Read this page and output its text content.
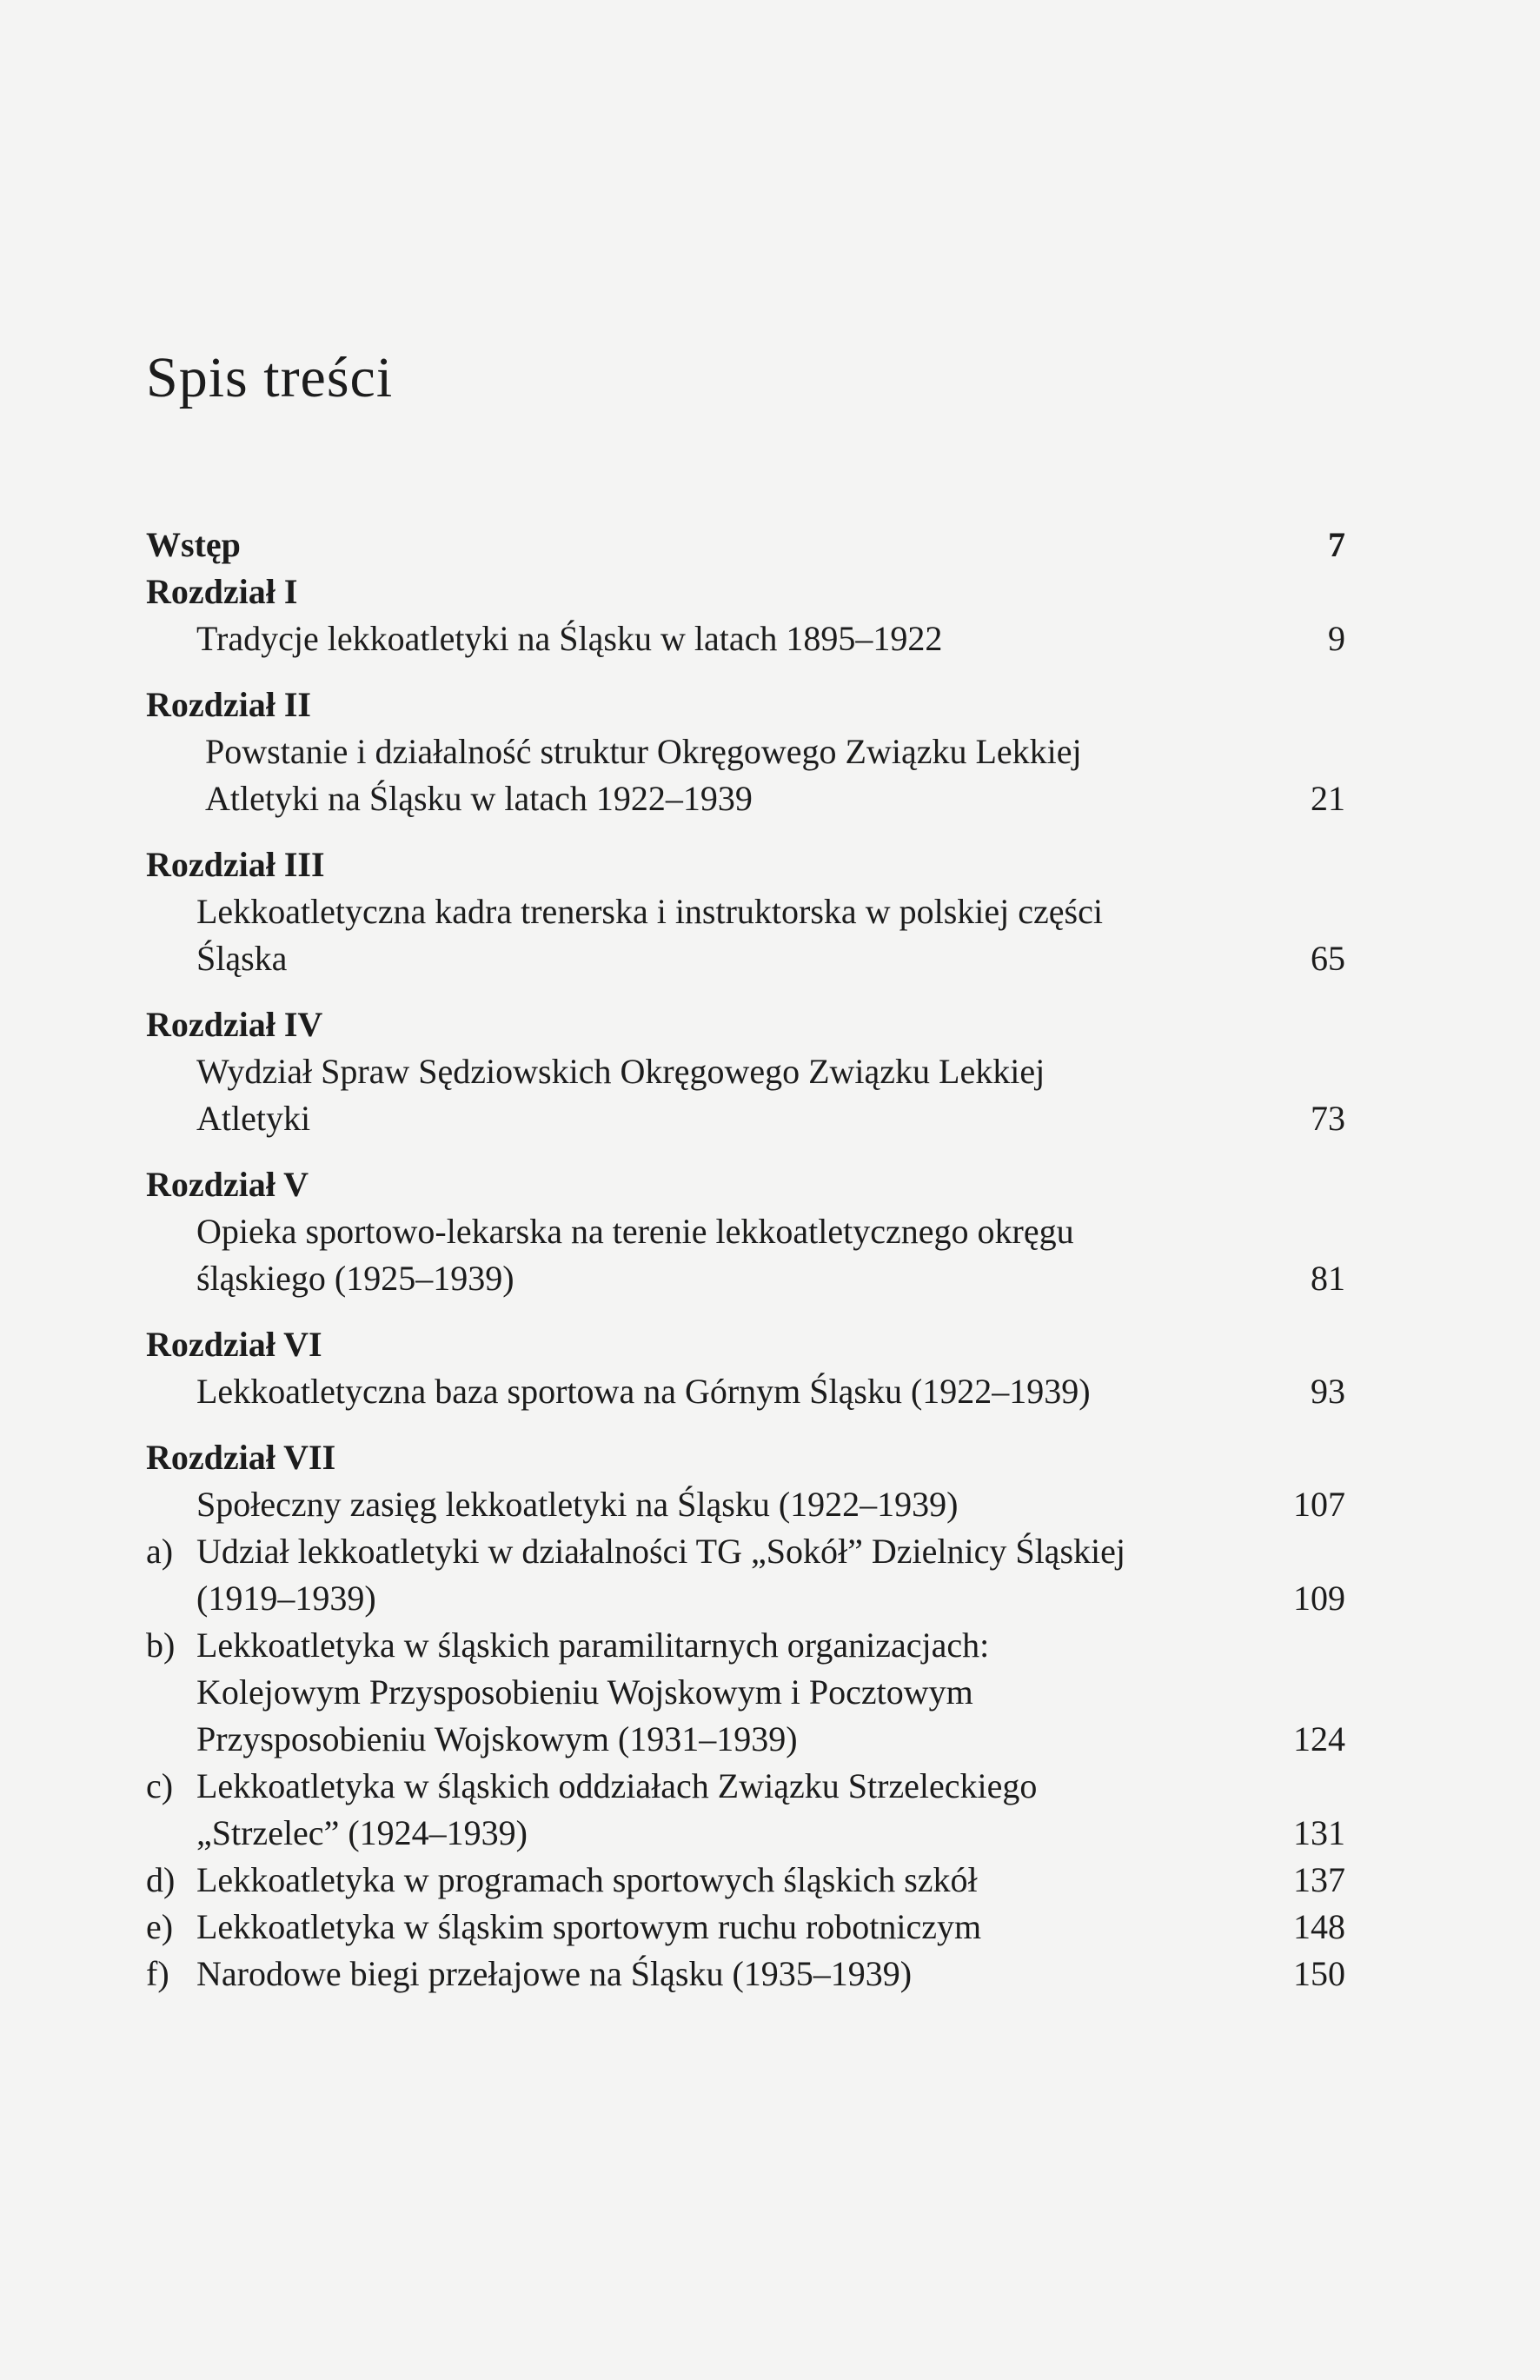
Spis treści
Wstęp	7
Rozdział I
Tradycje lekkoatletyki na Śląsku w latach 1895–1922	9
Rozdział II
Powstanie i działalność struktur Okręgowego Związku Lekkiej
Atletyki na Śląsku w latach 1922–1939	21
Rozdział III
Lekkoatletyczna kadra trenerska i instruktorska w polskiej części
Śląska	65
Rozdział IV
Wydział Spraw Sędziowskich Okręgowego Związku Lekkiej
Atletyki	73
Rozdział V
Opieka sportowo-lekarska na terenie lekkoatletycznego okręgu
śląskiego (1925–1939)	81
Rozdział VI
Lekkoatletyczna baza sportowa na Górnym Śląsku (1922–1939)	93
Rozdział VII
Społeczny zasięg lekkoatletyki na Śląsku (1922–1939)	107
a) Udział lekkoatletyki w działalności TG „Sokół” Dzielnicy Śląskiej
(1919–1939)	109
b) Lekkoatletyka w śląskich paramilitarnych organizacjach:
Kolejowym Przysposobieniu Wojskowym i Pocztowym
Przysposobieniu Wojskowym (1931–1939)	124
c) Lekkoatletyka w śląskich oddziałach Związku Strzeleckiego
„Strzelec” (1924–1939)	131
d) Lekkoatletyka w programach sportowych śląskich szkół	137
e) Lekkoatletyka w śląskim sportowym ruchu robotniczym	148
f) Narodowe biegi przełajowe na Śląsku (1935–1939)	150
